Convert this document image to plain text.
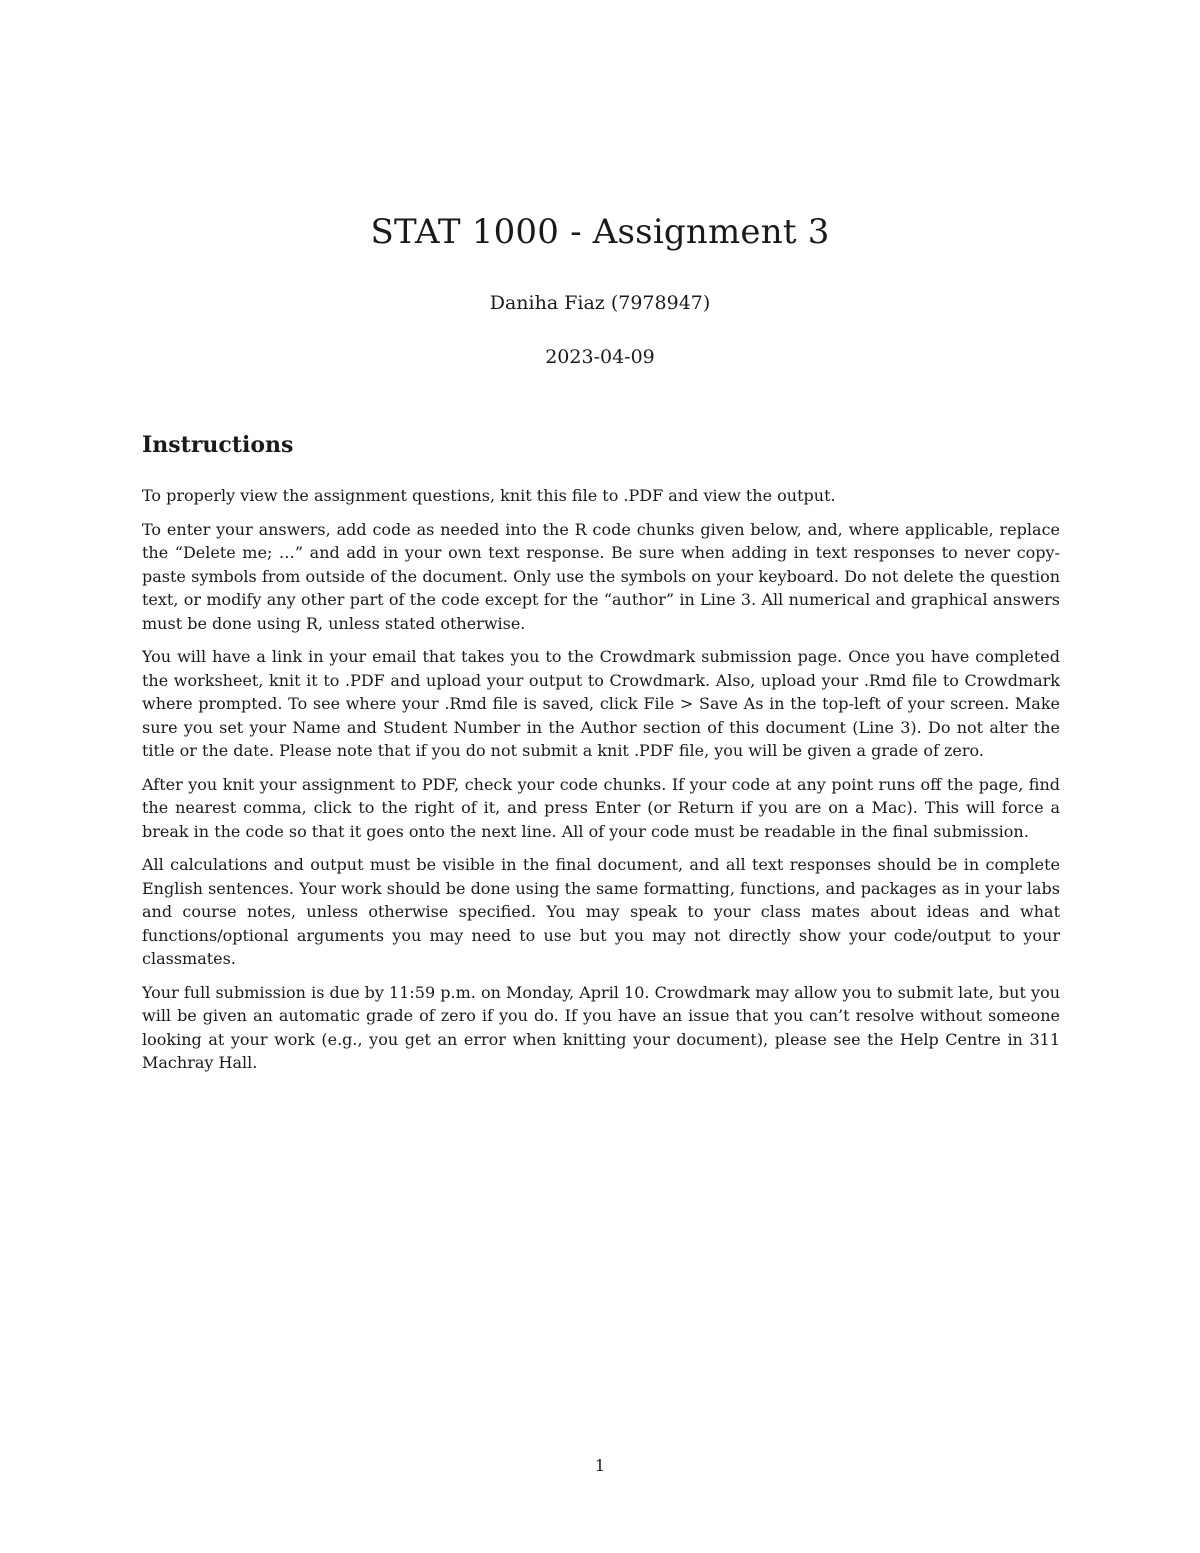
STAT 1000 - Assignment 3
Daniha Fiaz (7978947)
2023-04-09
Instructions

To properly view the assignment questions, knit this file to .PDF and view the output.

To enter your answers, add code as needed into the R code chunks given below, and, where applicable, replace the “Delete me; …” and add in your own text response. Be sure when adding in text responses to never copy-paste symbols from outside of the document. Only use the symbols on your keyboard. Do not delete the question text, or modify any other part of the code except for the “author” in Line 3. All numerical and graphical answers must be done using R, unless stated otherwise.

You will have a link in your email that takes you to the Crowdmark submission page. Once you have completed the worksheet, knit it to .PDF and upload your output to Crowdmark. Also, upload your .Rmd file to Crowdmark where prompted. To see where your .Rmd file is saved, click File > Save As in the top-left of your screen. Make sure you set your Name and Student Number in the Author section of this document (Line 3). Do not alter the title or the date. Please note that if you do not submit a knit .PDF file, you will be given a grade of zero.

After you knit your assignment to PDF, check your code chunks. If your code at any point runs off the page, find the nearest comma, click to the right of it, and press Enter (or Return if you are on a Mac). This will force a break in the code so that it goes onto the next line. All of your code must be readable in the final submission.

All calculations and output must be visible in the final document, and all text responses should be in complete English sentences. Your work should be done using the same formatting, functions, and packages as in your labs and course notes, unless otherwise specified. You may speak to your class mates about ideas and what functions/optional arguments you may need to use but you may not directly show your code/output to your classmates.

Your full submission is due by 11:59 p.m. on Monday, April 10. Crowdmark may allow you to submit late, but you will be given an automatic grade of zero if you do. If you have an issue that you can’t resolve without someone looking at your work (e.g., you get an error when knitting your document), please see the Help Centre in 311 Machray Hall.

1
